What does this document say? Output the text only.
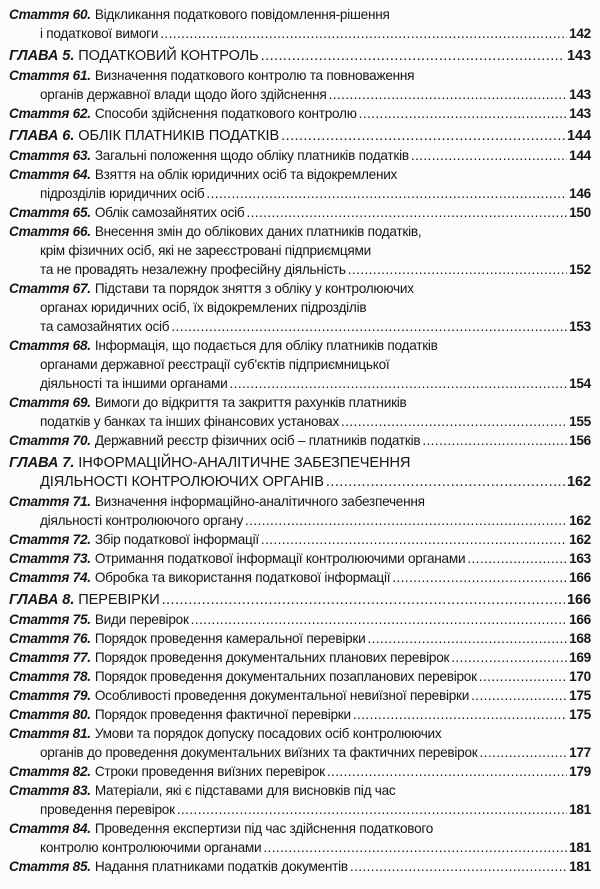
Стаття 60. Відкликання податкового повідомлення-рішення
і податкової вимоги .....	142
ГЛАВА 5. ПОДАТКОВИЙ КОНТРОЛЬ .....	143
Стаття 61. Визначення податкового контролю та повноваження
органів державної влади щодо його здійснення .....	143
Стаття 62. Способи здійснення податкового контролю .....	143
ГЛАВА 6. ОБЛІК ПЛАТНИКІВ ПОДАТКІВ .....	144
Стаття 63. Загальні положення щодо обліку платників податків .....	144
Стаття 64. Взяття на облік юридичних осіб та відокремлених
підрозділів юридичних осіб .....	146
Стаття 65. Облік самозайнятих осіб .....	150
Стаття 66. Внесення змін до облікових даних платників податків,
крім фізичних осіб, які не зареєстровані підприємцями
та не провадять незалежну професійну діяльність .....	152
Стаття 67. Підстави та порядок зняття з обліку у контролюючих
органах юридичних осіб, їх відокремлених підрозділів
та самозайнятих осіб .....	153
Стаття 68. Інформація, що подається для обліку платників податків
органами державної реєстрації суб'єктів підприємницької
діяльності та іншими органами .....	154
Стаття 69. Вимоги до відкриття та закриття рахунків платників
податків у банках та інших фінансових установах .....	155
Стаття 70. Державний реєстр фізичних осіб – платників податків .....	156
ГЛАВА 7. ІНФОРМАЦІЙНО-АНАЛІТИЧНЕ ЗАБЕЗПЕЧЕННЯ
ДІЯЛЬНОСТІ КОНТРОЛЮЮЧИХ ОРГАНІВ .....	162
Стаття 71. Визначення інформаційно-аналітичного забезпечення
діяльності контролюючого органу .....	162
Стаття 72. Збір податкової інформації .....	162
Стаття 73. Отримання податкової інформації контролюючими органами .....	163
Стаття 74. Обробка та використання податкової інформації .....	166
ГЛАВА 8. ПЕРЕВІРКИ .....	166
Стаття 75. Види перевірок .....	166
Стаття 76. Порядок проведення камеральної перевірки .....	168
Стаття 77. Порядок проведення документальних планових перевірок .....	169
Стаття 78. Порядок проведення документальних позапланових перевірок .....	170
Стаття 79. Особливості проведення документальної невиїзної перевірки .....	175
Стаття 80. Порядок проведення фактичної перевірки .....	175
Стаття 81. Умови та порядок допуску посадових осіб контролюючих
органів до проведення документальних виїзних та фактичних перевірок .....	177
Стаття 82. Строки проведення виїзних перевірок .....	179
Стаття 83. Матеріали, які є підставами для висновків під час
проведення перевірок .....	181
Стаття 84. Проведення експертизи під час здійснення податкового
контролю контролюючими органами .....	181
Стаття 85. Надання платниками податків документів .....	181
